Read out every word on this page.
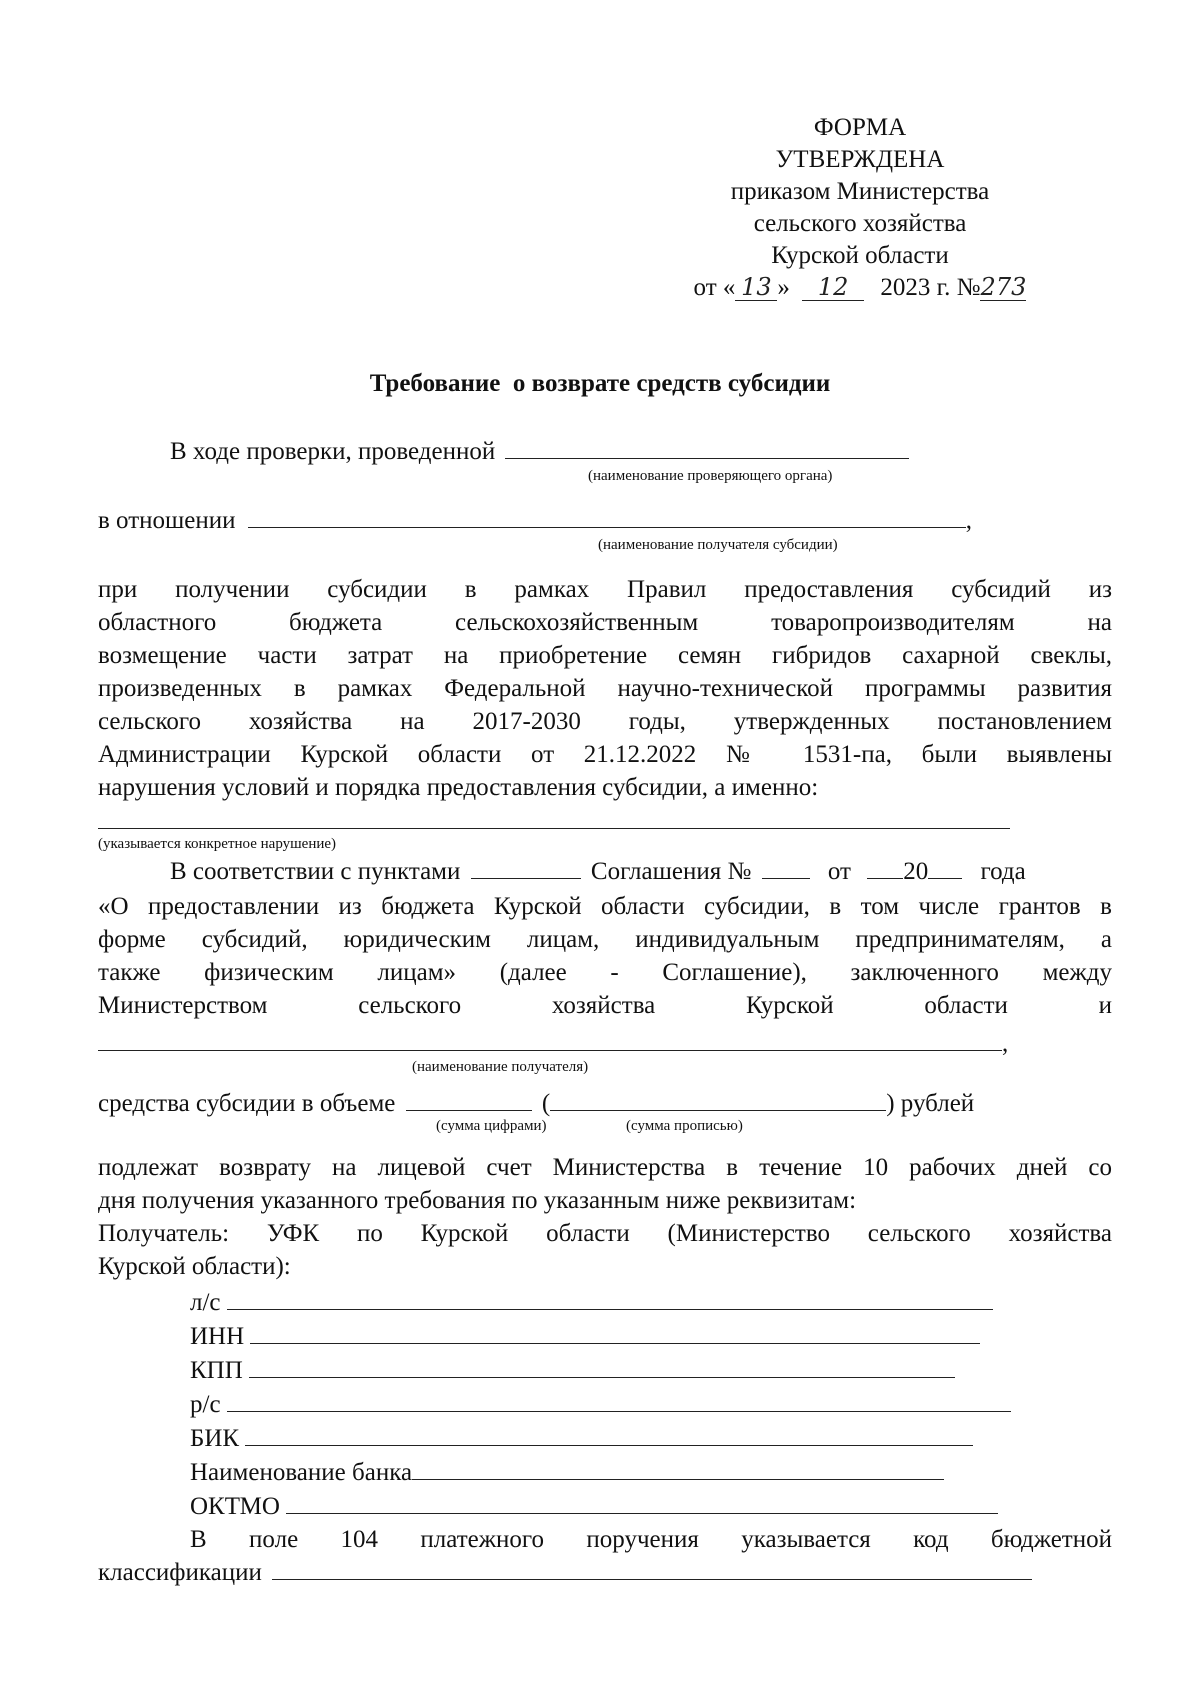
ФОРМА
УТВЕРЖДЕНА
приказом Министерства
сельского хозяйства
Курской области
от « 13 » 12 2023 г. №273
Требование  о возврате средств субсидии
В ходе проверки, проведенной
(наименование проверяющего органа)
в отношении	,
(наименование получателя субсидии)
при получении субсидии в рамках Правил предоставления субсидий из
областного бюджета сельскохозяйственным товаропроизводителям на
возмещение части затрат на приобретение семян гибридов сахарной свеклы,
произведенных в рамках Федеральной научно-технической программы развития
сельского хозяйства на 2017-2030 годы, утвержденных постановлением
Администрации Курской области от 21.12.2022 № 1531-па, были выявлены
нарушения условий и порядка предоставления субсидии, а именно:
(указывается конкретное нарушение)
В соответствии с пунктами	Соглашения №	от 20 года
«О предоставлении из бюджета Курской области субсидии, в том числе грантов в
форме субсидий, юридическим лицам, индивидуальным предпринимателям, а
также физическим лицам» (далее - Соглашение), заключенного между
Министерством сельского хозяйства Курской области и
,
(наименование получателя)
средства субсидии в объеме	(	) рублей
(сумма цифрами)	(сумма прописью)
подлежат возврату на лицевой счет Министерства в течение 10 рабочих дней со
дня получения указанного требования по указанным ниже реквизитам:
Получатель: УФК по Курской области (Министерство сельского хозяйства
Курской области):
л/с
ИНН
КПП
р/с
БИК
Наименование банка
ОКТМО
В поле 104 платежного поручения указывается код бюджетной
классификации
